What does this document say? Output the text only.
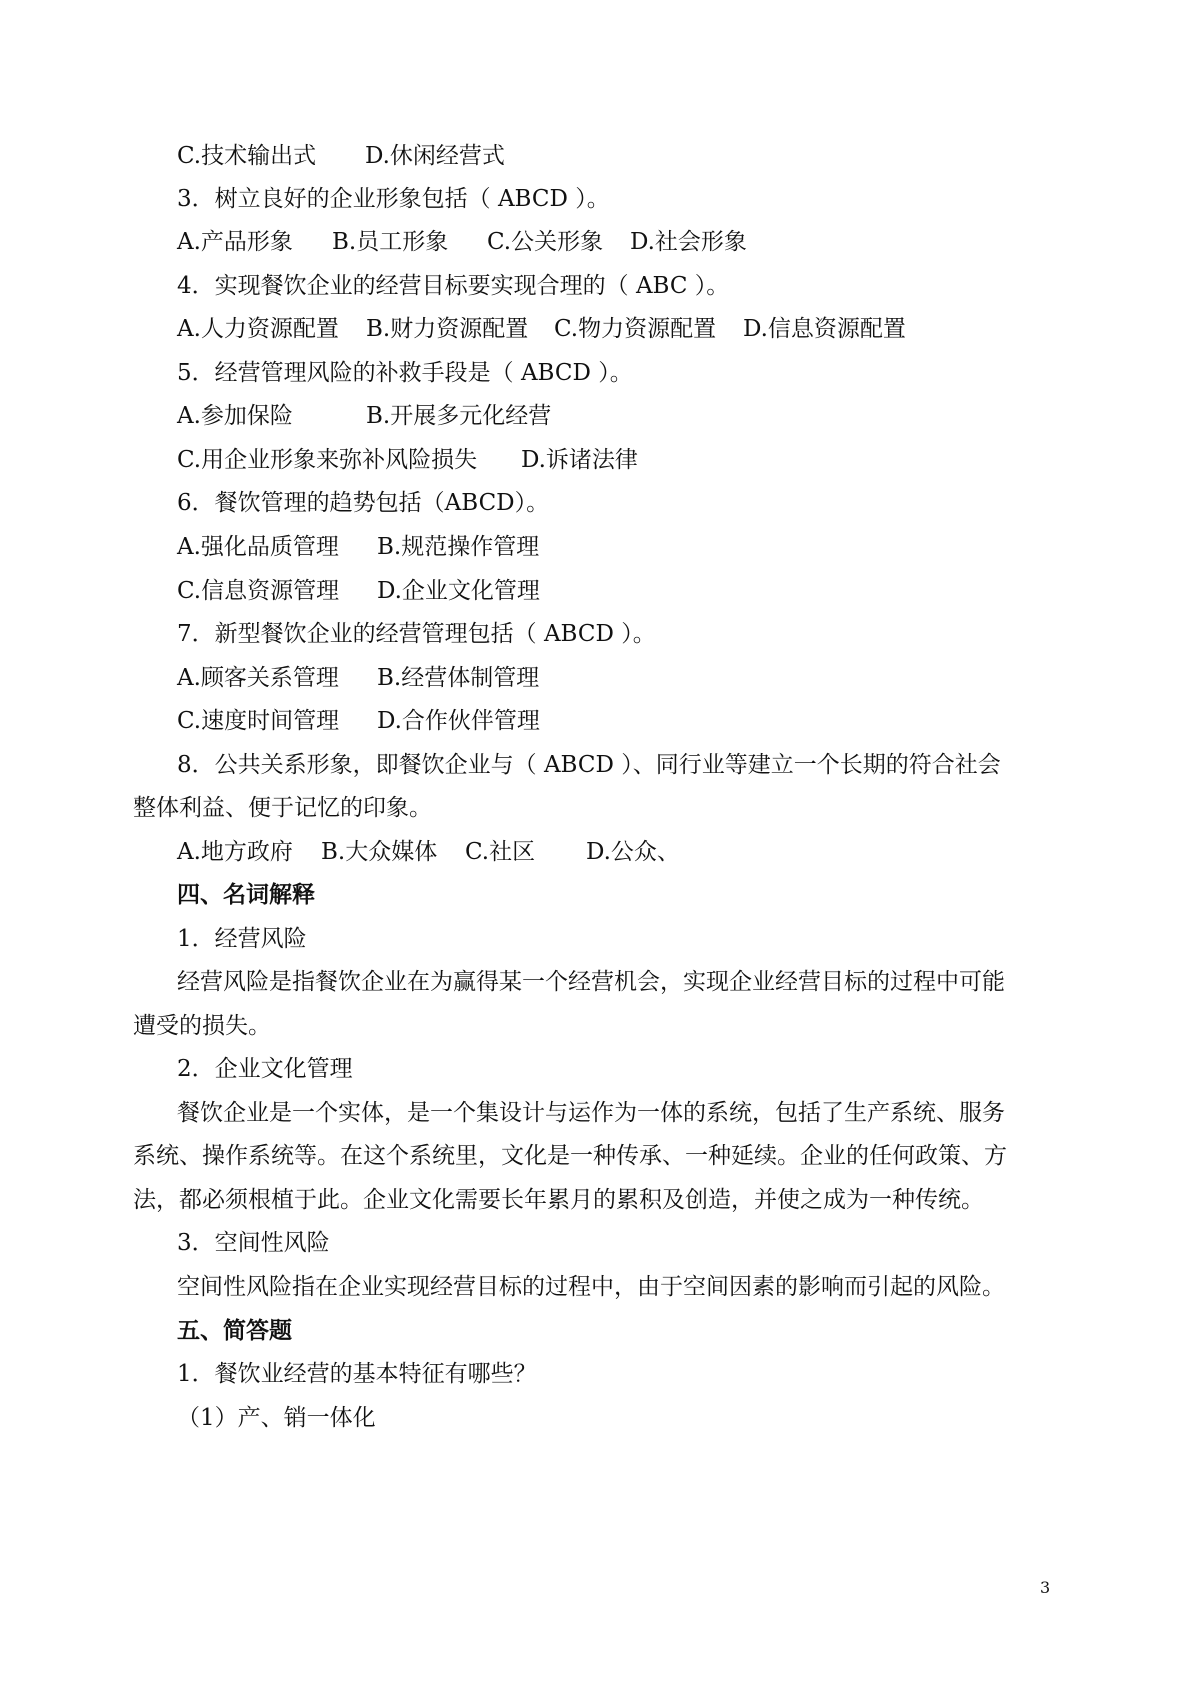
C.技术输出式 D.休闲经营式
3．树立良好的企业形象包括（ ABCD ）。
A.产品形象 B.员工形象 C.公关形象 D.社会形象
4．实现餐饮企业的经营目标要实现合理的（ ABC ）。
A.人力资源配置 B.财力资源配置 C.物力资源配置 D.信息资源配置
5．经营管理风险的补救手段是（ ABCD ）。
A.参加保险	B.开展多元化经营
C.用企业形象来弥补风险损失 D.诉诸法律
6．餐饮管理的趋势包括（ABCD）。
A.强化品质管理 B.规范操作管理
C.信息资源管理 D.企业文化管理
7．新型餐饮企业的经营管理包括（ ABCD ）。
A.顾客关系管理 B.经营体制管理
C.速度时间管理 D.合作伙伴管理
8．公共关系形象，即餐饮企业与（ ABCD ）、同行业等建立一个长期的符合社会
整体利益、便于记忆的印象。
A.地方政府 B.大众媒体 C.社区 D.公众、
四、名词解释
1．经营风险
经营风险是指餐饮企业在为赢得某一个经营机会，实现企业经营目标的过程中可能
遭受的损失。
2．企业文化管理
餐饮企业是一个实体，是一个集设计与运作为一体的系统，包括了生产系统、服务
系统、操作系统等。在这个系统里，文化是一种传承、一种延续。企业的任何政策、方
法，都必须根植于此。企业文化需要长年累月的累积及创造，并使之成为一种传统。
3．空间性风险
空间性风险指在企业实现经营目标的过程中，由于空间因素的影响而引起的风险。
五、简答题
1．餐饮业经营的基本特征有哪些？
（1）产、销一体化
3
